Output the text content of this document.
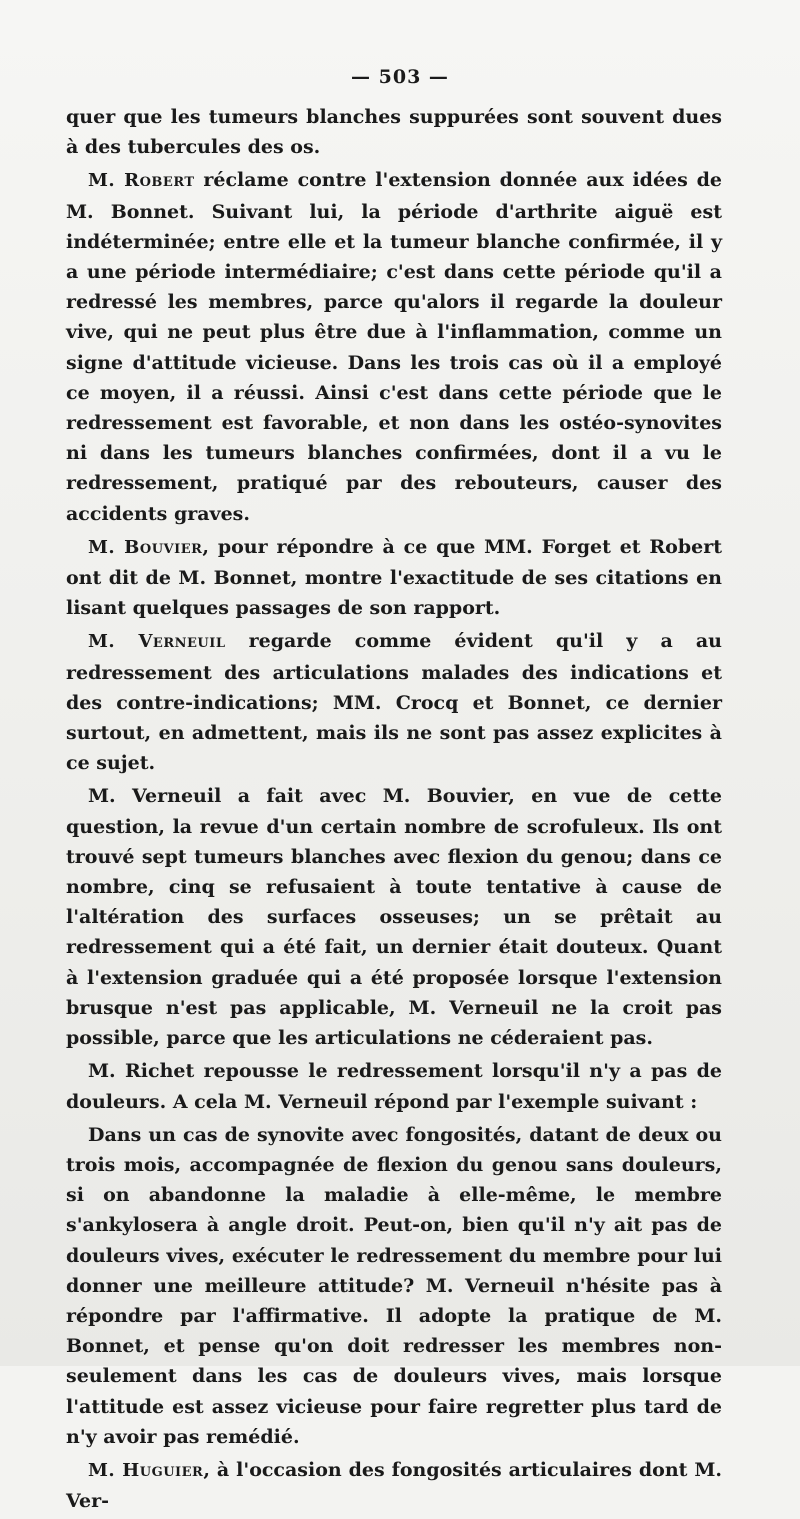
— 503 —

quer que les tumeurs blanches suppurées sont souvent dues à des tubercules des os.

M. Robert réclame contre l'extension donnée aux idées de M. Bonnet. Suivant lui, la période d'arthrite aiguë est indéterminée; entre elle et la tumeur blanche confirmée, il y a une période intermédiaire; c'est dans cette période qu'il a redressé les membres, parce qu'alors il regarde la douleur vive, qui ne peut plus être due à l'inflammation, comme un signe d'attitude vicieuse. Dans les trois cas où il a employé ce moyen, il a réussi. Ainsi c'est dans cette période que le redressement est favorable, et non dans les ostéo-synovites ni dans les tumeurs blanches confirmées, dont il a vu le redressement, pratiqué par des rebouteurs, causer des accidents graves.

M. Bouvier, pour répondre à ce que MM. Forget et Robert ont dit de M. Bonnet, montre l'exactitude de ses citations en lisant quelques passages de son rapport.

M. Verneuil regarde comme évident qu'il y a au redressement des articulations malades des indications et des contre-indications; MM. Crocq et Bonnet, ce dernier surtout, en admettent, mais ils ne sont pas assez explicites à ce sujet.

M. Verneuil a fait avec M. Bouvier, en vue de cette question, la revue d'un certain nombre de scrofuleux. Ils ont trouvé sept tumeurs blanches avec flexion du genou; dans ce nombre, cinq se refusaient à toute tentative à cause de l'altération des surfaces osseuses; un se prêtait au redressement qui a été fait, un dernier était douteux. Quant à l'extension graduée qui a été proposée lorsque l'extension brusque n'est pas applicable, M. Verneuil ne la croit pas possible, parce que les articulations ne céderaient pas.

M. Richet repousse le redressement lorsqu'il n'y a pas de douleurs. A cela M. Verneuil répond par l'exemple suivant :

Dans un cas de synovite avec fongosités, datant de deux ou trois mois, accompagnée de flexion du genou sans douleurs, si on abandonne la maladie à elle-même, le membre s'ankylosera à angle droit. Peut-on, bien qu'il n'y ait pas de douleurs vives, exécuter le redressement du membre pour lui donner une meilleure attitude? M. Verneuil n'hésite pas à répondre par l'affirmative. Il adopte la pratique de M. Bonnet, et pense qu'on doit redresser les membres non-seulement dans les cas de douleurs vives, mais lorsque l'attitude est assez vicieuse pour faire regretter plus tard de n'y avoir pas remédié.

M. Huguier, à l'occasion des fongosités articulaires dont M. Ver-
